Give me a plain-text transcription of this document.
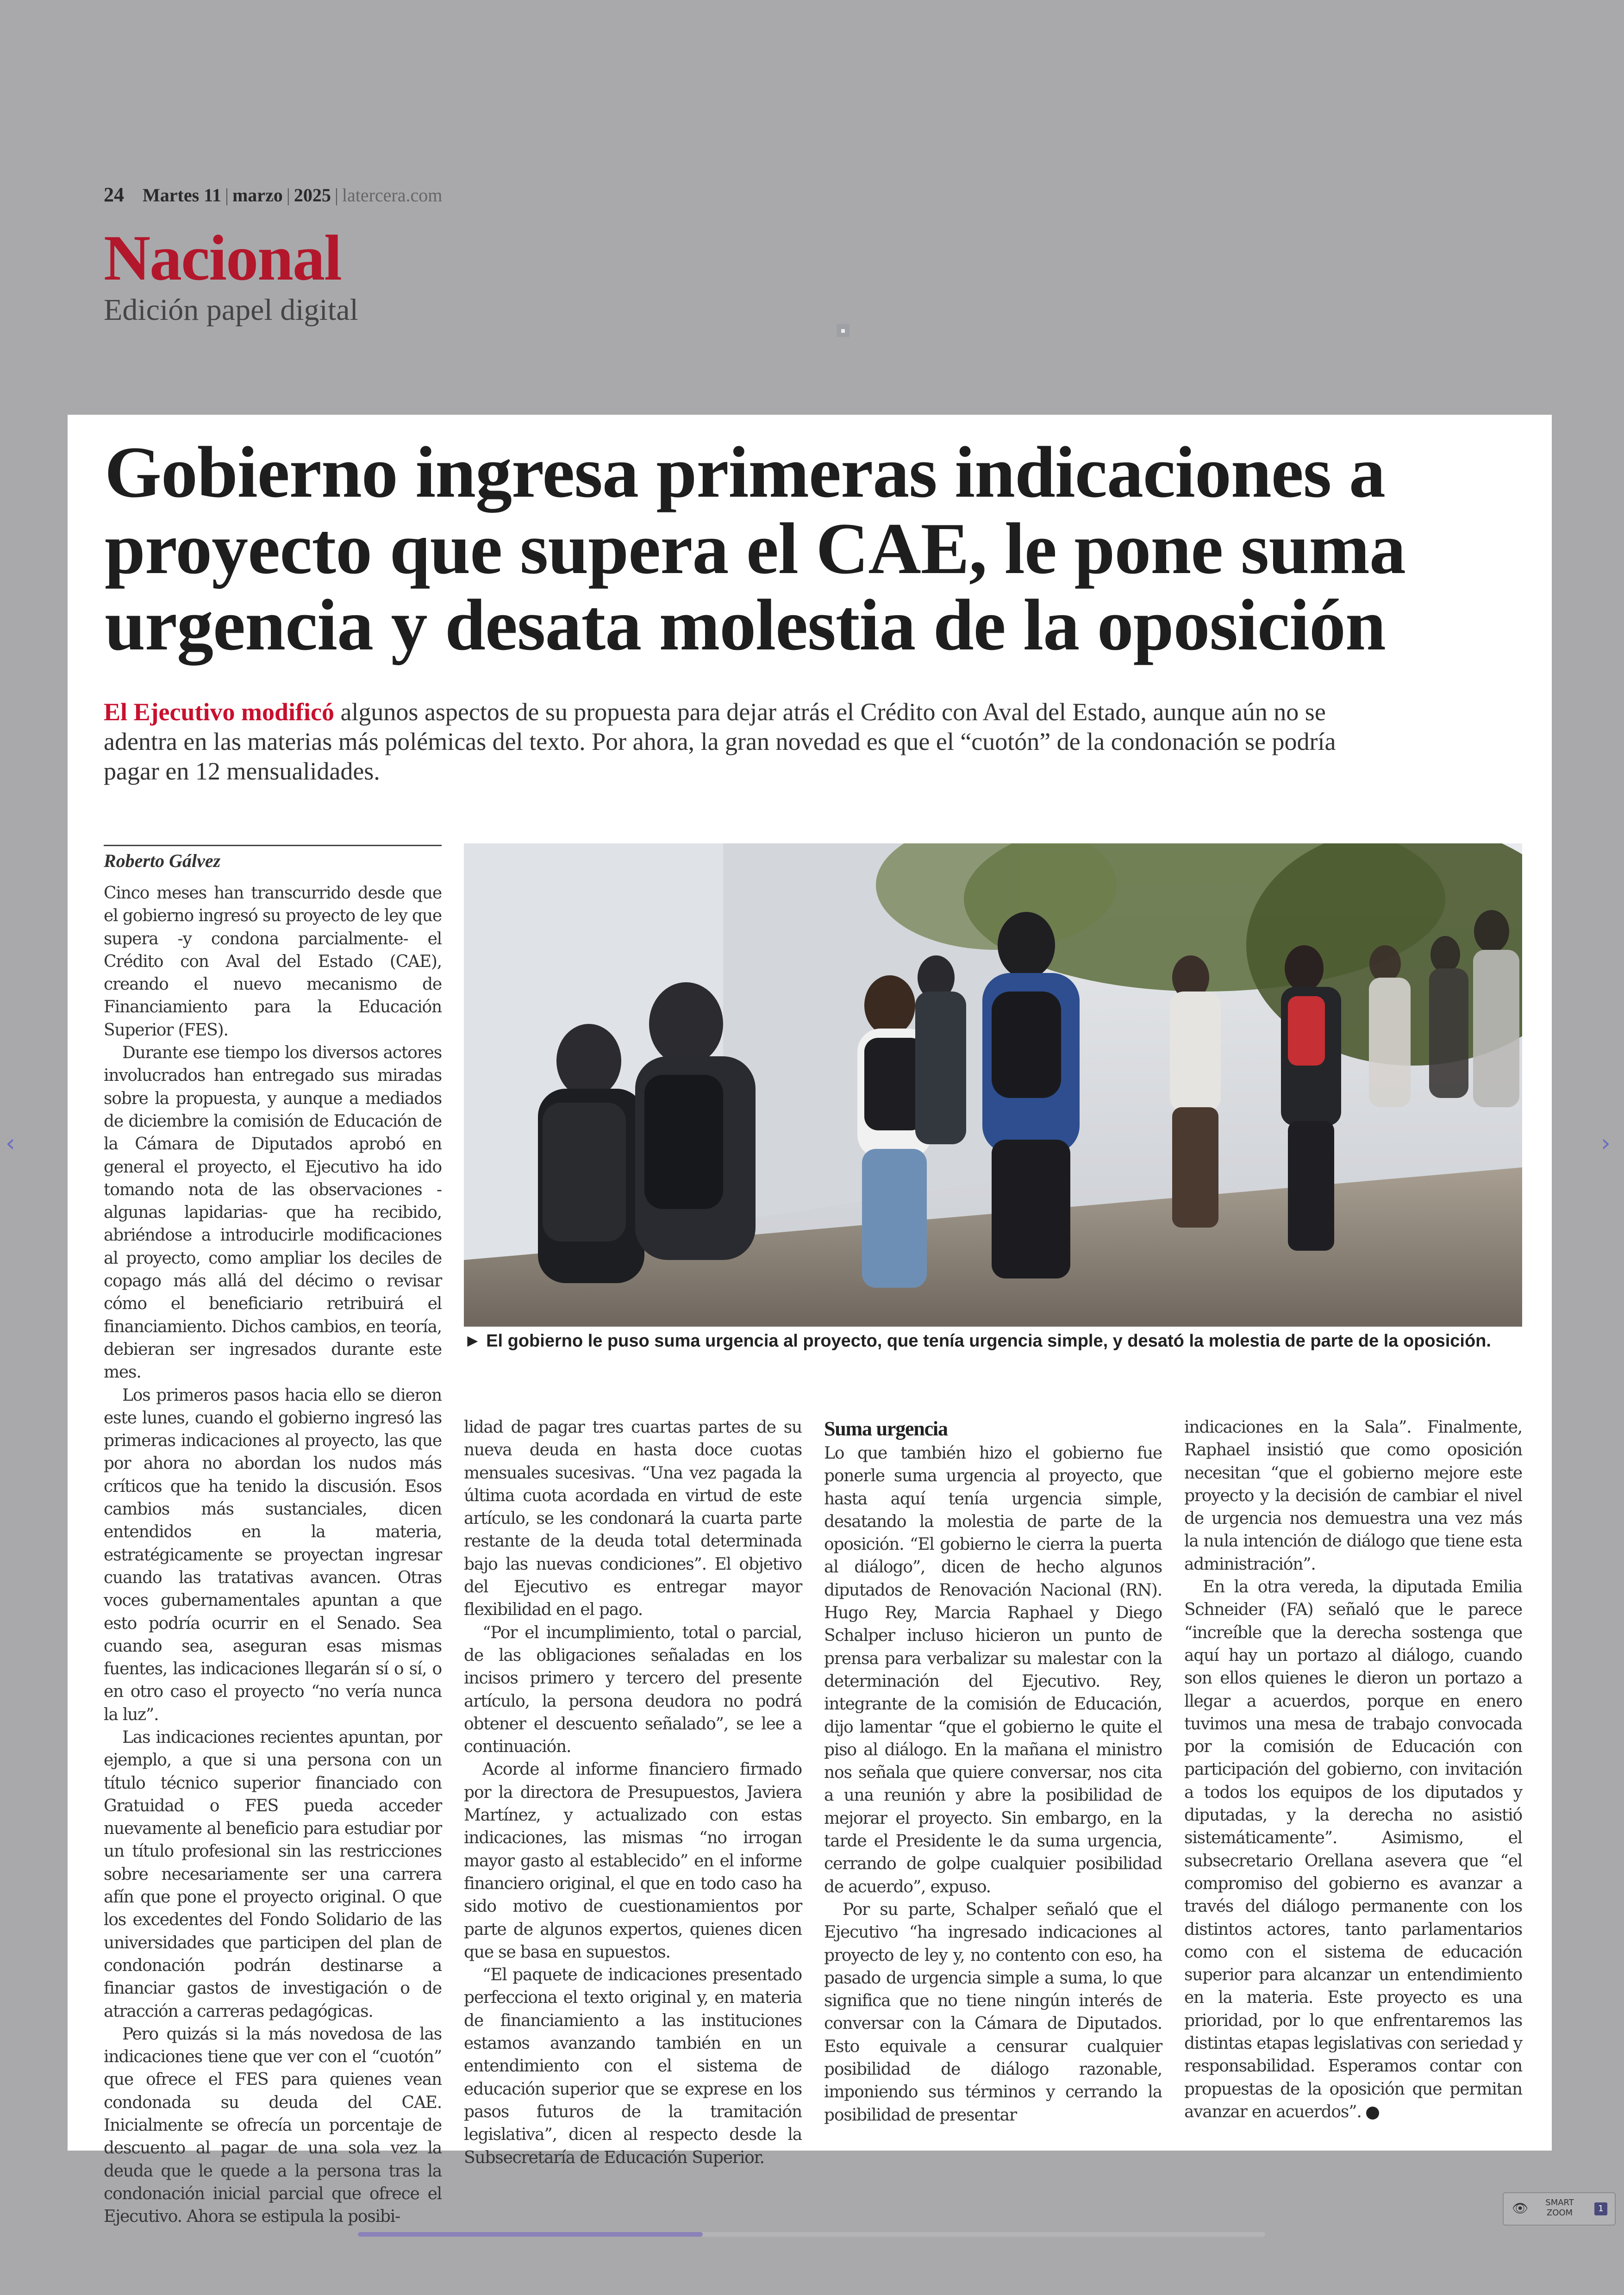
24 Martes 11 | marzo | 2025 | latercera.com
Nacional
Edición papel digital
▪
‹	›
Gobierno ingresa primeras indicaciones a proyecto que supera el CAE, le pone suma urgencia y desata molestia de la oposición

El Ejecutivo modificó algunos aspectos de su propuesta para dejar atrás el Crédito con Aval del Estado, aunque aún no se adentra en las materias más polémicas del texto. Por ahora, la gran novedad es que el “cuotón” de la condonación se podría pagar en 12 mensualidades.

Roberto Gálvez
► El gobierno le puso suma urgencia al proyecto, que tenía urgencia simple, y desató la molestia de parte de la oposición.

Cinco meses han transcurrido desde que el gobierno ingresó su proyecto de ley que supera -y condona parcialmente- el Crédito con Aval del Estado (CAE), creando el nuevo mecanismo de Financiamiento para la Educación Superior (FES).

Durante ese tiempo los diversos actores involucrados han entregado sus miradas sobre la propuesta, y aunque a mediados de diciembre la comisión de Educación de la Cámara de Diputados aprobó en general el proyecto, el Ejecutivo ha ido tomando nota de las observaciones -algunas lapidarias- que ha recibido, abriéndose a introducirle modificaciones al proyecto, como ampliar los deciles de copago más allá del décimo o revisar cómo el beneficiario retribuirá el financiamiento. Dichos cambios, en teoría, debieran ser ingresados durante este mes.

Los primeros pasos hacia ello se dieron este lunes, cuando el gobierno ingresó las primeras indicaciones al proyecto, las que por ahora no abordan los nudos más críticos que ha tenido la discusión. Esos cambios más sustanciales, dicen entendidos en la materia, estratégicamente se proyectan ingresar cuando las tratativas avancen. Otras voces gubernamentales apuntan a que esto podría ocurrir en el Senado. Sea cuando sea, aseguran esas mismas fuentes, las indicaciones llegarán sí o sí, o en otro caso el proyecto “no vería nunca la luz”.

Las indicaciones recientes apuntan, por ejemplo, a que si una persona con un título técnico superior financiado con Gratuidad o FES pueda acceder nuevamente al beneficio para estudiar por un título profesional sin las restricciones sobre necesariamente ser una carrera afín que pone el proyecto original. O que los excedentes del Fondo Solidario de las universidades que participen del plan de condonación podrán destinarse a financiar gastos de investigación o de atracción a carreras pedagógicas.

Pero quizás si la más novedosa de las indicaciones tiene que ver con el “cuotón” que ofrece el FES para quienes vean condonada su deuda del CAE. Inicialmente se ofrecía un porcentaje de descuento al pagar de una sola vez la deuda que le quede a la persona tras la condonación inicial parcial que ofrece el Ejecutivo. Ahora se estipula la posibi-

lidad de pagar tres cuartas partes de su nueva deuda en hasta doce cuotas mensuales sucesivas. “Una vez pagada la última cuota acordada en virtud de este artículo, se les condonará la cuarta parte restante de la deuda total determinada bajo las nuevas condiciones”. El objetivo del Ejecutivo es entregar mayor flexibilidad en el pago.

“Por el incumplimiento, total o parcial, de las obligaciones señaladas en los incisos primero y tercero del presente artículo, la persona deudora no podrá obtener el descuento señalado”, se lee a continuación.

Acorde al informe financiero firmado por la directora de Presupuestos, Javiera Martínez, y actualizado con estas indicaciones, las mismas “no irrogan mayor gasto al establecido” en el informe financiero original, el que en todo caso ha sido motivo de cuestionamientos por parte de algunos expertos, quienes dicen que se basa en supuestos.

“El paquete de indicaciones presentado perfecciona el texto original y, en materia de financiamiento a las instituciones estamos avanzando también en un entendimiento con el sistema de educación superior que se exprese en los pasos futuros de la tramitación legislativa”, dicen al respecto desde la Subsecretaría de Educación Superior.

Suma urgencia

Lo que también hizo el gobierno fue ponerle suma urgencia al proyecto, que hasta aquí tenía urgencia simple, desatando la molestia de parte de la oposición. “El gobierno le cierra la puerta al diálogo”, dicen de hecho algunos diputados de Renovación Nacional (RN). Hugo Rey, Marcia Raphael y Diego Schalper incluso hicieron un punto de prensa para verbalizar su malestar con la determinación del Ejecutivo. Rey, integrante de la comisión de Educación, dijo lamentar “que el gobierno le quite el piso al diálogo. En la mañana el ministro nos señala que quiere conversar, nos cita a una reunión y abre la posibilidad de mejorar el proyecto. Sin embargo, en la tarde el Presidente le da suma urgencia, cerrando de golpe cualquier posibilidad de acuerdo”, expuso.

Por su parte, Schalper señaló que el Ejecutivo “ha ingresado indicaciones al proyecto de ley y, no contento con eso, ha pasado de urgencia simple a suma, lo que significa que no tiene ningún interés de conversar con la Cámara de Diputados. Esto equivale a censurar cualquier posibilidad de diálogo razonable, imponiendo sus términos y cerrando la posibilidad de presentar

indicaciones en la Sala”. Finalmente, Raphael insistió que como oposición necesitan “que el gobierno mejore este proyecto y la decisión de cambiar el nivel de urgencia nos demuestra una vez más la nula intención de diálogo que tiene esta administración”.

En la otra vereda, la diputada Emilia Schneider (FA) señaló que le parece “increíble que la derecha sostenga que aquí hay un portazo al diálogo, cuando son ellos quienes le dieron un portazo a llegar a acuerdos, porque en enero tuvimos una mesa de trabajo convocada por la comisión de Educación con participación del gobierno, con invitación a todos los equipos de los diputados y diputadas, y la derecha no asistió sistemáticamente”. Asimismo, el subsecretario Orellana asevera que “el compromiso del gobierno es avanzar a través del diálogo permanente con los distintos actores, tanto parlamentarios como con el sistema de educación superior para alcanzar un entendimiento en la materia. Este proyecto es una prioridad, por lo que enfrentaremos las distintas etapas legislativas con seriedad y responsabilidad. Esperamos contar con propuestas de la oposición que permitan avanzar en acuerdos”.

👁	SMART
ZOOM	1
